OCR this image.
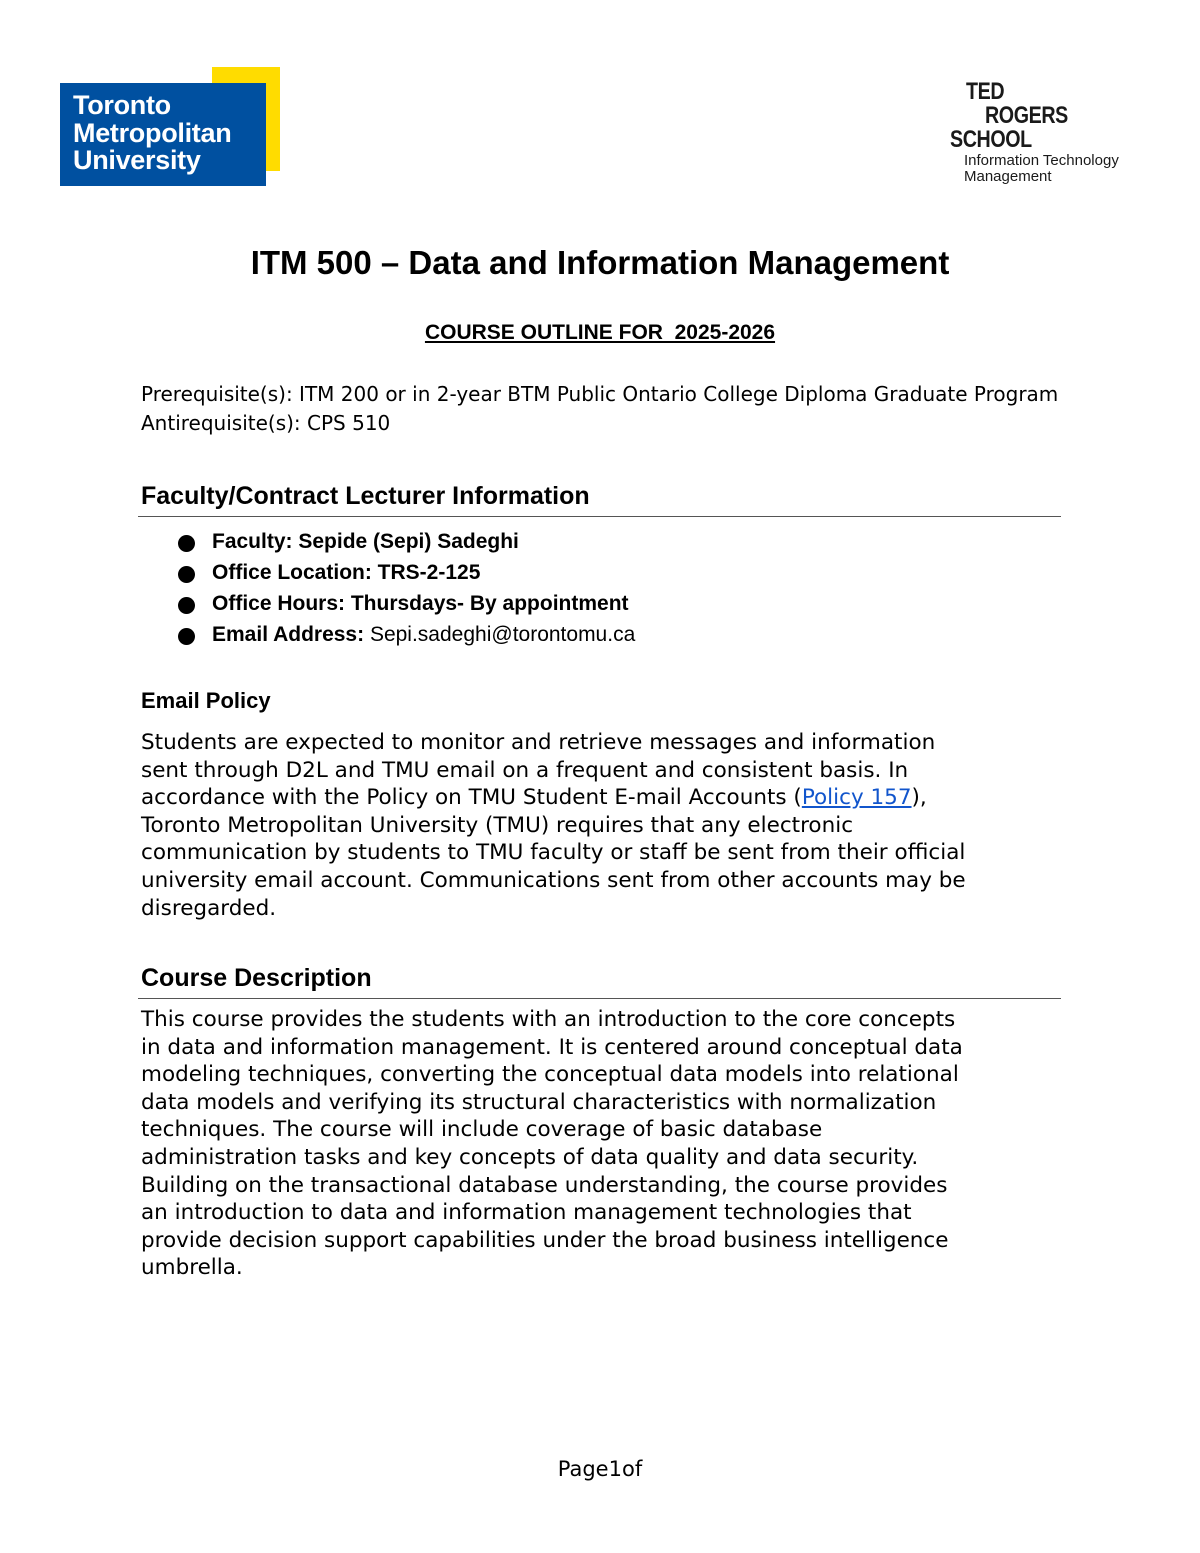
Toronto
Metropolitan
University
TED
ROGERS
SCHOOL
Information Technology
Management
ITM 500 – Data and Information Management
COURSE OUTLINE FOR  2025-2026
Prerequisite(s): ITM 200 or in 2-year BTM Public Ontario College Diploma Graduate Program
Antirequisite(s): CPS 510
Faculty/Contract Lecturer Information
Faculty: Sepide (Sepi) Sadeghi
Office Location: TRS-2-125
Office Hours: Thursdays- By appointment
Email Address: Sepi.sadeghi@torontomu.ca
Email Policy
Students are expected to monitor and retrieve messages and information
sent through D2L and TMU email on a frequent and consistent basis. In
accordance with the Policy on TMU Student E-mail Accounts (Policy 157),
Toronto Metropolitan University (TMU) requires that any electronic
communication by students to TMU faculty or staff be sent from their official
university email account. Communications sent from other accounts may be
disregarded.
Course Description
This course provides the students with an introduction to the core concepts
in data and information management. It is centered around conceptual data
modeling techniques, converting the conceptual data models into relational
data models and verifying its structural characteristics with normalization
techniques. The course will include coverage of basic database
administration tasks and key concepts of data quality and data security.
Building on the transactional database understanding, the course provides
an introduction to data and information management technologies that
provide decision support capabilities under the broad business intelligence
umbrella.
Page1of
